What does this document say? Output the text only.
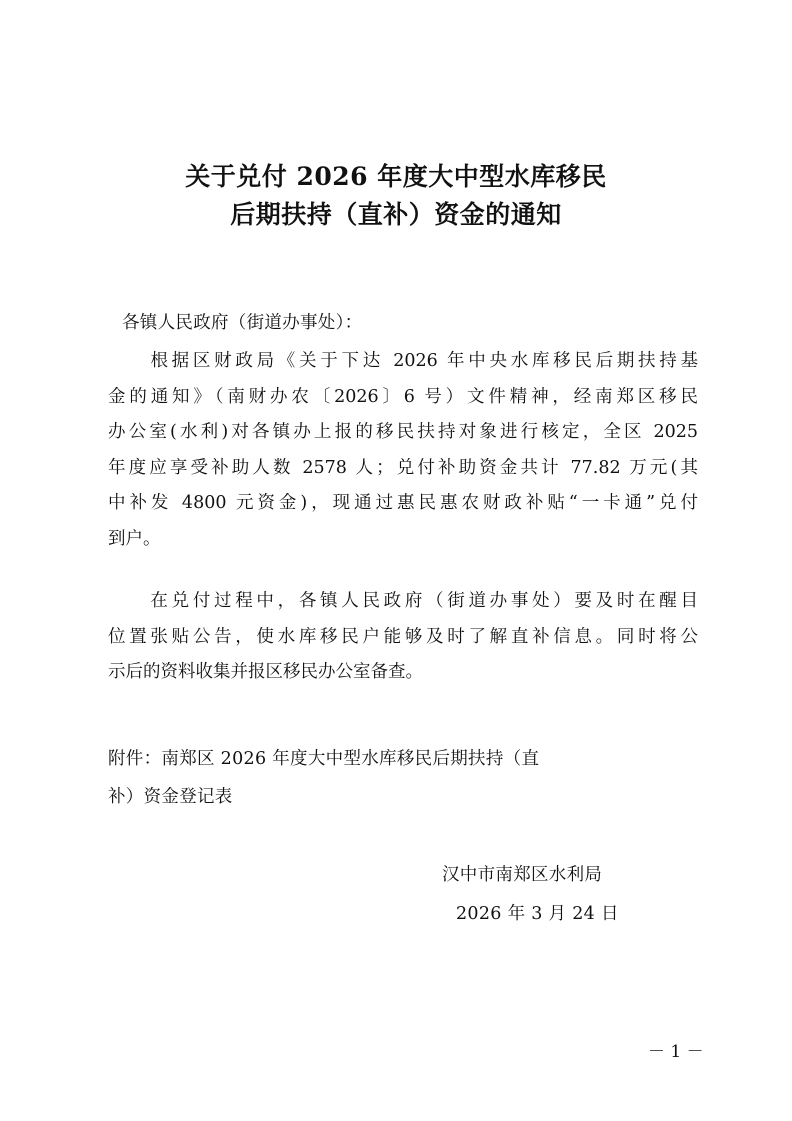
关于兑付 2026 年度大中型水库移民
后期扶持（直补）资金的通知

各镇人民政府（街道办事处）：

　　根据区财政局《关于下达 2026 年中央水库移民后期扶持基
金的通知》（南财办农〔2026〕6 号）文件精神，经南郑区移民
办公室(水利)对各镇办上报的移民扶持对象进行核定，全区 2025
年度应享受补助人数 2578 人；兑付补助资金共计 77.82 万元(其
中补发 4800 元资金)，现通过惠民惠农财政补贴“一卡通”兑付
到户。
　　在兑付过程中，各镇人民政府（街道办事处）要及时在醒目
位置张贴公告，使水库移民户能够及时了解直补信息。同时将公
示后的资料收集并报区移民办公室备查。

附件：南郑区 2026 年度大中型水库移民后期扶持（直

补）资金登记表

汉中市南郑区水利局

2026 年 3 月 24 日

－ 1 －
